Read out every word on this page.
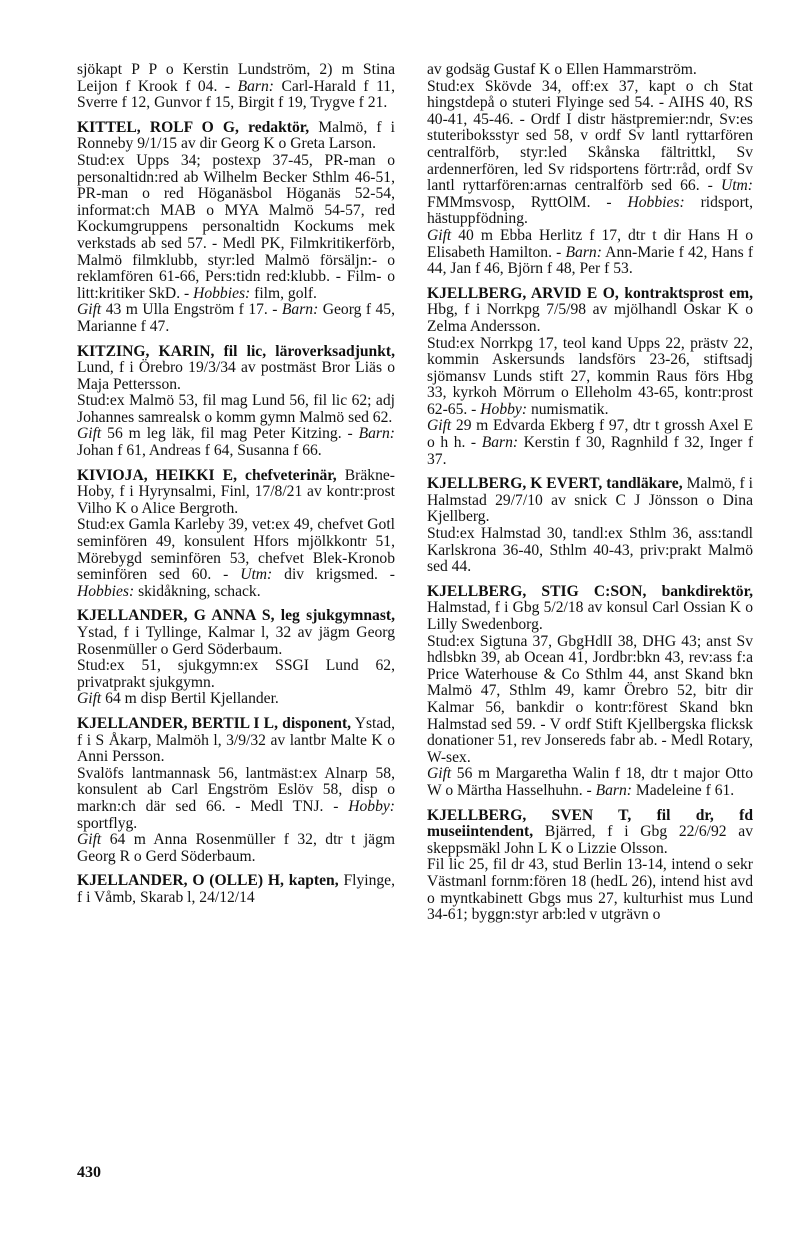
sjökapt P P o Kerstin Lundström, 2) m Stina Leijon f Krook f 04. - Barn: Carl-Harald f 11, Sverre f 12, Gunvor f 15, Birgit f 19, Trygve f 21.

KITTEL, ROLF O G, redaktör, Malmö, f i Ronneby 9/1/15 av dir Georg K o Greta Larson.

Stud:ex Upps 34; postexp 37-45, PR-man o personaltidn:red ab Wilhelm Becker Sthlm 46-51, PR-man o red Höganäsbol Höganäs 52-54, informat:ch MAB o MYA Malmö 54-57, red Kockumgruppens personaltidn Kockums mek verkstads ab sed 57. - Medl PK, Filmkritikerförb, Malmö filmklubb, styr:led Malmö försäljn:- o reklamfören 61-66, Pers:tidn red:klubb. - Film- o litt:kritiker SkD. - Hobbies: film, golf.

Gift 43 m Ulla Engström f 17. - Barn: Georg f 45, Marianne f 47.

KITZING, KARIN, fil lic, läroverksadjunkt, Lund, f i Örebro 19/3/34 av postmäst Bror Liäs o Maja Pettersson.

Stud:ex Malmö 53, fil mag Lund 56, fil lic 62; adj Johannes samrealsk o komm gymn Malmö sed 62.

Gift 56 m leg läk, fil mag Peter Kitzing. - Barn: Johan f 61, Andreas f 64, Susanna f 66.

KIVIOJA, HEIKKI E, chefveterinär, Bräkne-Hoby, f i Hyrynsalmi, Finl, 17/8/21 av kontr:prost Vilho K o Alice Bergroth.

Stud:ex Gamla Karleby 39, vet:ex 49, chefvet Gotl seminfören 49, konsulent Hfors mjölkkontr 51, Mörebygd seminfören 53, chefvet Blek-Kronob seminfören sed 60. - Utm: div krigsmed. - Hobbies: skidåkning, schack.

KJELLANDER, G ANNA S, leg sjukgymnast, Ystad, f i Tyllinge, Kalmar l, 32 av jägm Georg Rosenmüller o Gerd Söderbaum.

Stud:ex 51, sjukgymn:ex SSGI Lund 62, privatprakt sjukgymn.

Gift 64 m disp Bertil Kjellander.

KJELLANDER, BERTIL I L, disponent, Ystad, f i S Åkarp, Malmöh l, 3/9/32 av lantbr Malte K o Anni Persson.

Svalöfs lantmannask 56, lantmäst:ex Alnarp 58, konsulent ab Carl Engström Eslöv 58, disp o markn:ch där sed 66. - Medl TNJ. - Hobby: sportflyg.

Gift 64 m Anna Rosenmüller f 32, dtr t jägm Georg R o Gerd Söderbaum.

KJELLANDER, O (OLLE) H, kapten, Flyinge, f i Våmb, Skarab l, 24/12/14

av godsäg Gustaf K o Ellen Hammarström.

Stud:ex Skövde 34, off:ex 37, kapt o ch Stat hingstdepå o stuteri Flyinge sed 54. - AIHS 40, RS 40-41, 45-46. - Ordf I distr hästpremier:ndr, Sv:es stuteriboksstyr sed 58, v ordf Sv lantl ryttarfören centralförb, styr:led Skånska fältrittkl, Sv ardennerfören, led Sv ridsportens förtr:råd, ordf Sv lantl ryttarfören:arnas centralförb sed 66. - Utm: FMMmsvosp, RyttOlM. - Hobbies: ridsport, hästuppfödning.

Gift 40 m Ebba Herlitz f 17, dtr t dir Hans H o Elisabeth Hamilton. - Barn: Ann-Marie f 42, Hans f 44, Jan f 46, Björn f 48, Per f 53.

KJELLBERG, ARVID E O, kontraktsprost em, Hbg, f i Norrkpg 7/5/98 av mjölhandl Oskar K o Zelma Andersson.

Stud:ex Norrkpg 17, teol kand Upps 22, prästv 22, kommin Askersunds landsförs 23-26, stiftsadj sjömansv Lunds stift 27, kommin Raus förs Hbg 33, kyrkoh Mörrum o Elleholm 43-65, kontr:prost 62-65. - Hobby: numismatik.

Gift 29 m Edvarda Ekberg f 97, dtr t grossh Axel E o h h. - Barn: Kerstin f 30, Ragnhild f 32, Inger f 37.

KJELLBERG, K EVERT, tandläkare, Malmö, f i Halmstad 29/7/10 av snick C J Jönsson o Dina Kjellberg.

Stud:ex Halmstad 30, tandl:ex Sthlm 36, ass:tandl Karlskrona 36-40, Sthlm 40-43, priv:prakt Malmö sed 44.

KJELLBERG, STIG C:SON, bankdirektör, Halmstad, f i Gbg 5/2/18 av konsul Carl Ossian K o Lilly Swedenborg.

Stud:ex Sigtuna 37, GbgHdlI 38, DHG 43; anst Sv hdlsbkn 39, ab Ocean 41, Jordbr:bkn 43, rev:ass f:a Price Waterhouse & Co Sthlm 44, anst Skand bkn Malmö 47, Sthlm 49, kamr Örebro 52, bitr dir Kalmar 56, bankdir o kontr:förest Skand bkn Halmstad sed 59. - V ordf Stift Kjellbergska flicksk donationer 51, rev Jonsereds fabr ab. - Medl Rotary, W-sex.

Gift 56 m Margaretha Walin f 18, dtr t major Otto W o Märtha Hasselhuhn. - Barn: Madeleine f 61.

KJELLBERG, SVEN T, fil dr, fd museiintendent, Bjärred, f i Gbg 22/6/92 av skeppsmäkl John L K o Lizzie Olsson.

Fil lic 25, fil dr 43, stud Berlin 13-14, intend o sekr Västmanl fornm:fören 18 (hedL 26), intend hist avd o myntkabinett Gbgs mus 27, kulturhist mus Lund 34-61; byggn:styr arb:led v utgrävn o

430
